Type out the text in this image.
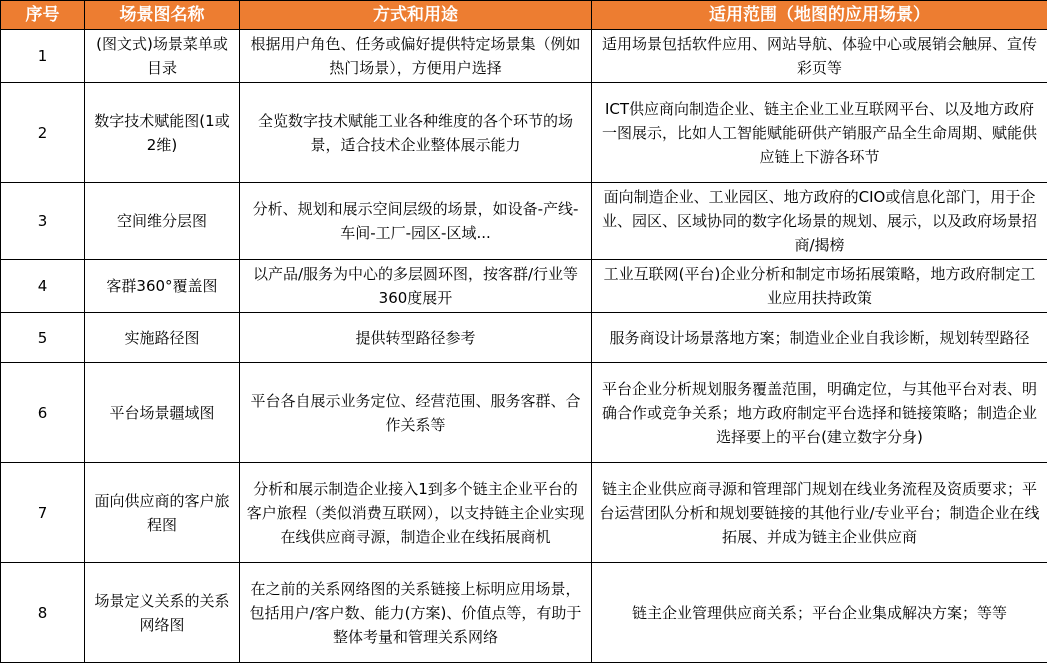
序号	场景图名称	方式和用途	适用范围（地图的应用场景）
1	(图文式)场景菜单或目录	根据用户角色、任务或偏好提供特定场景集（例如热门场景），方便用户选择	适用场景包括软件应用、网站导航、体验中心或展销会触屏、宣传彩页等
2	数字技术赋能图(1或2维)	全览数字技术赋能工业各种维度的各个环节的场景，适合技术企业整体展示能力	ICT供应商向制造企业、链主企业工业互联网平台、以及地方政府一图展示，比如人工智能赋能研供产销服产品全生命周期、赋能供应链上下游各环节
3	空间维分层图	分析、规划和展示空间层级的场景，如设备-产线-车间-工厂-园区-区域...	面向制造企业、工业园区、地方政府的CIO或信息化部门，用于企业、园区、区域协同的数字化场景的规划、展示，以及政府场景招商/揭榜
4	客群360°覆盖图	以产品/服务为中心的多层圆环图，按客群/行业等360度展开	工业互联网(平台)企业分析和制定市场拓展策略，地方政府制定工业应用扶持政策
5	实施路径图	提供转型路径参考	服务商设计场景落地方案；制造业企业自我诊断，规划转型路径
6	平台场景疆域图	平台各自展示业务定位、经营范围、服务客群、合作关系等	平台企业分析规划服务覆盖范围，明确定位，与其他平台对表、明确合作或竞争关系；地方政府制定平台选择和链接策略；制造企业选择要上的平台(建立数字分身)
7	面向供应商的客户旅程图	分析和展示制造企业接入1到多个链主企业平台的客户旅程（类似消费互联网），以支持链主企业实现在线供应商寻源，制造企业在线拓展商机	链主企业供应商寻源和管理部门规划在线业务流程及资质要求；平台运营团队分析和规划要链接的其他行业/专业平台；制造企业在线拓展、并成为链主企业供应商
8	场景定义关系的关系网络图	在之前的关系网络图的关系链接上标明应用场景，包括用户/客户数、能力(方案)、价值点等，有助于整体考量和管理关系网络	链主企业管理供应商关系；平台企业集成解决方案；等等
